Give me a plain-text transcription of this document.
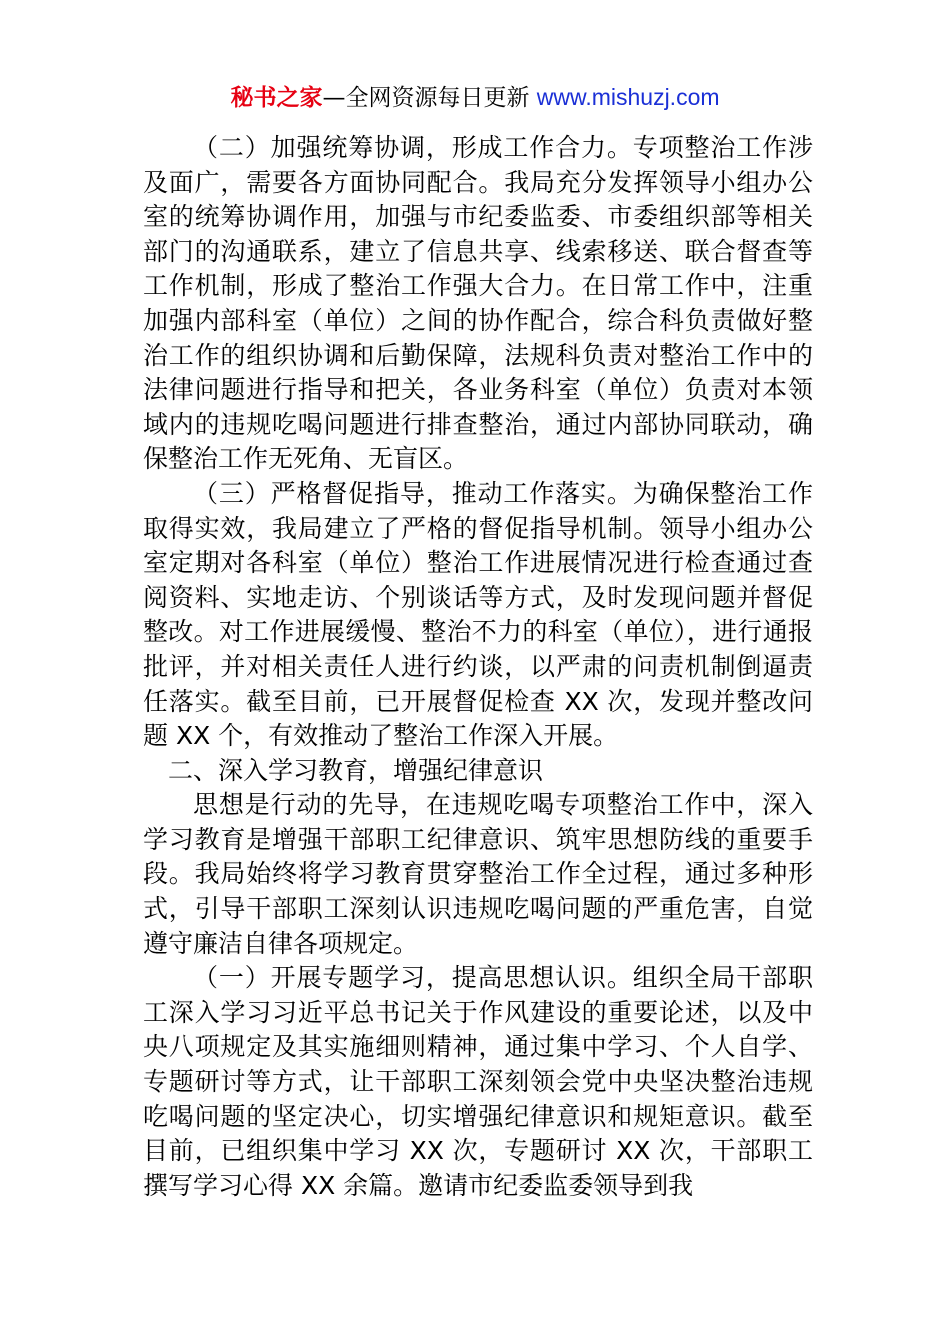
秘书之家—全网资源每日更新 www.mishuzj.com

（二）加强统筹协调，形成工作合力。专项整治工作涉及面广，需要各方面协同配合。我局充分发挥领导小组办公室的统筹协调作用，加强与市纪委监委、市委组织部等相关部门的沟通联系，建立了信息共享、线索移送、联合督查等工作机制，形成了整治工作强大合力。在日常工作中，注重加强内部科室（单位）之间的协作配合，综合科负责做好整治工作的组织协调和后勤保障，法规科负责对整治工作中的法律问题进行指导和把关，各业务科室（单位）负责对本领域内的违规吃喝问题进行排查整治，通过内部协同联动，确保整治工作无死角、无盲区。

（三）严格督促指导，推动工作落实。为确保整治工作取得实效，我局建立了严格的督促指导机制。领导小组办公室定期对各科室（单位）整治工作进展情况进行检查通过查阅资料、实地走访、个别谈话等方式，及时发现问题并督促整改。对工作进展缓慢、整治不力的科室（单位），进行通报批评，并对相关责任人进行约谈，以严肃的问责机制倒逼责任落实。截至目前，已开展督促检查 XX 次，发现并整改问题 XX 个，有效推动了整治工作深入开展。

二、深入学习教育，增强纪律意识

思想是行动的先导，在违规吃喝专项整治工作中，深入学习教育是增强干部职工纪律意识、筑牢思想防线的重要手段。我局始终将学习教育贯穿整治工作全过程，通过多种形式，引导干部职工深刻认识违规吃喝问题的严重危害，自觉遵守廉洁自律各项规定。

（一）开展专题学习，提高思想认识。组织全局干部职工深入学习习近平总书记关于作风建设的重要论述，以及中央八项规定及其实施细则精神，通过集中学习、个人自学、专题研讨等方式，让干部职工深刻领会党中央坚决整治违规吃喝问题的坚定决心，切实增强纪律意识和规矩意识。截至目前，已组织集中学习 XX 次，专题研讨 XX 次，干部职工撰写学习心得 XX 余篇。邀请市纪委监委领导到我
